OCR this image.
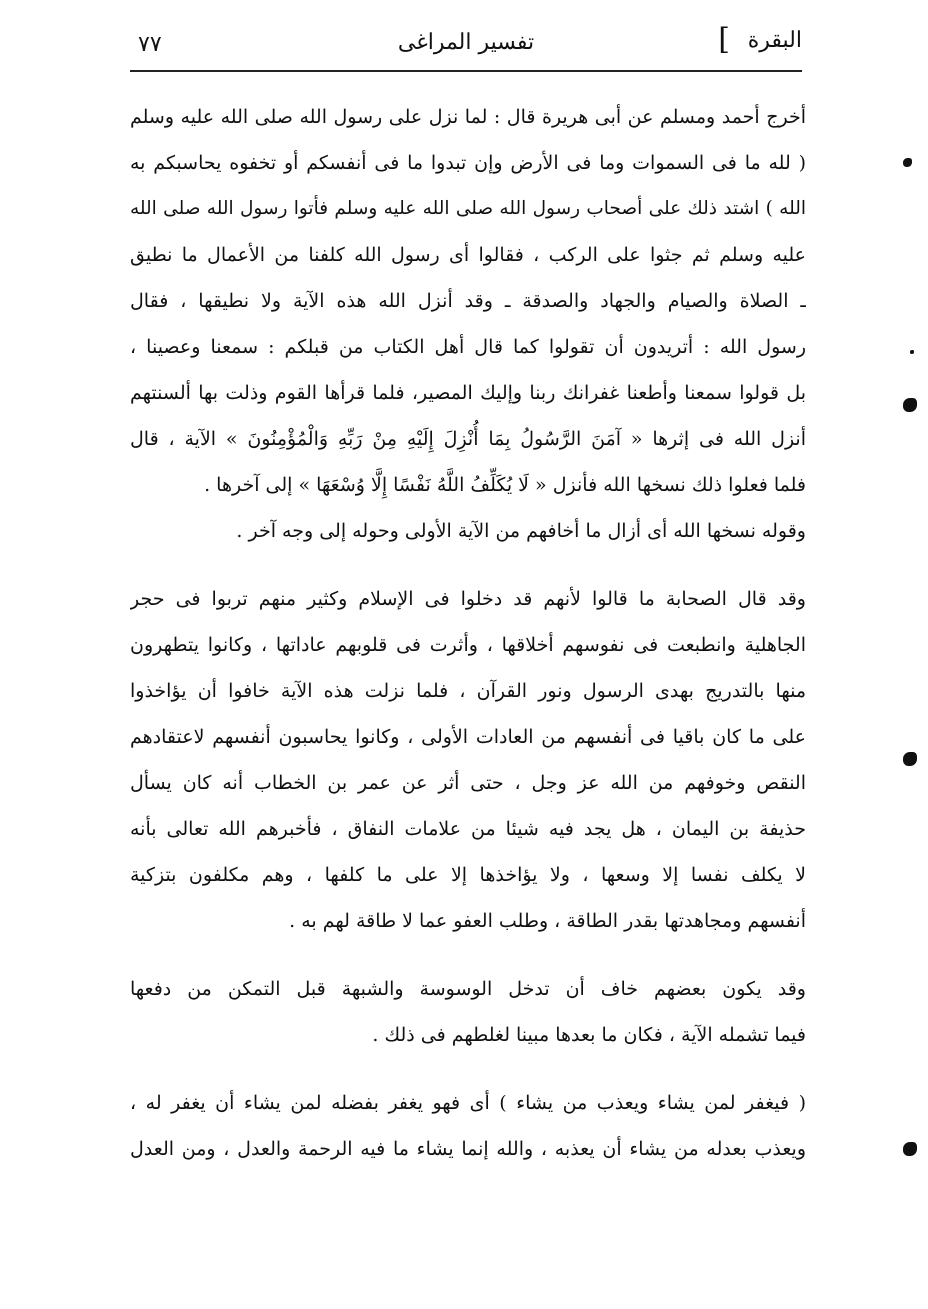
البقرة
]
تفسير المراغى
٧٧
أخرج أحمد ومسلم عن أبى هريرة قال : لما نزل على رسول الله صلى الله عليه وسلم
( لله ما فى السموات وما فى الأرض وإن تبدوا ما فى أنفسكم أو تخفوه يحاسبكم به
الله ) اشتد ذلك على أصحاب رسول الله صلى الله عليه وسلم فأتوا رسول الله صلى الله
عليه وسلم ثم جثوا على الركب ، فقالوا أى رسول الله كلفنا من الأعمال ما نطيق
ـ الصلاة والصيام والجهاد والصدقة ـ وقد أنزل الله هذه الآية ولا نطيقها ، فقال
رسول الله : أتريدون أن تقولوا كما قال أهل الكتاب من قبلكم : سمعنا وعصينا ،
بل قولوا سمعنا وأطعنا غفرانك ربنا وإليك المصير، فلما قرأها القوم وذلت بها ألسنتهم
أنزل الله فى إثرها « آمَنَ الرَّسُولُ بِمَا أُنْزِلَ إِلَيْهِ مِنْ رَبِّهِ وَالْمُؤْمِنُونَ » الآية ، قال
فلما فعلوا ذلك نسخها الله فأنزل « لَا يُكَلِّفُ اللَّهُ نَفْسًا إِلَّا وُسْعَهَا » إلى آخرها .
وقوله نسخها الله أى أزال ما أخافهم من الآية الأولى وحوله إلى وجه آخر .
وقد قال الصحابة ما قالوا لأنهم قد دخلوا فى الإسلام وكثير منهم تربوا فى حجر
الجاهلية وانطبعت فى نفوسهم أخلاقها ، وأثرت فى قلوبهم عاداتها ، وكانوا يتطهرون
منها بالتدريج بهدى الرسول ونور القرآن ، فلما نزلت هذه الآية خافوا أن يؤاخذوا
على ما كان باقيا فى أنفسهم من العادات الأولى ، وكانوا يحاسبون أنفسهم لاعتقادهم
النقص وخوفهم من الله عز وجل ، حتى أثر عن عمر بن الخطاب أنه كان يسأل
حذيفة بن اليمان ، هل يجد فيه شيئا من علامات النفاق ، فأخبرهم الله تعالى بأنه
لا يكلف نفسا إلا وسعها ، ولا يؤاخذها إلا على ما كلفها ، وهم مكلفون بتزكية
أنفسهم ومجاهدتها بقدر الطاقة ، وطلب العفو عما لا طاقة لهم به .
وقد يكون بعضهم خاف أن تدخل الوسوسة والشبهة قبل التمكن من دفعها
فيما تشمله الآية ، فكان ما بعدها مبينا لغلطهم فى ذلك .
( فيغفر لمن يشاء ويعذب من يشاء ) أى فهو يغفر بفضله لمن يشاء أن يغفر له ،
ويعذب بعدله من يشاء أن يعذبه ، والله إنما يشاء ما فيه الرحمة والعدل ، ومن العدل
